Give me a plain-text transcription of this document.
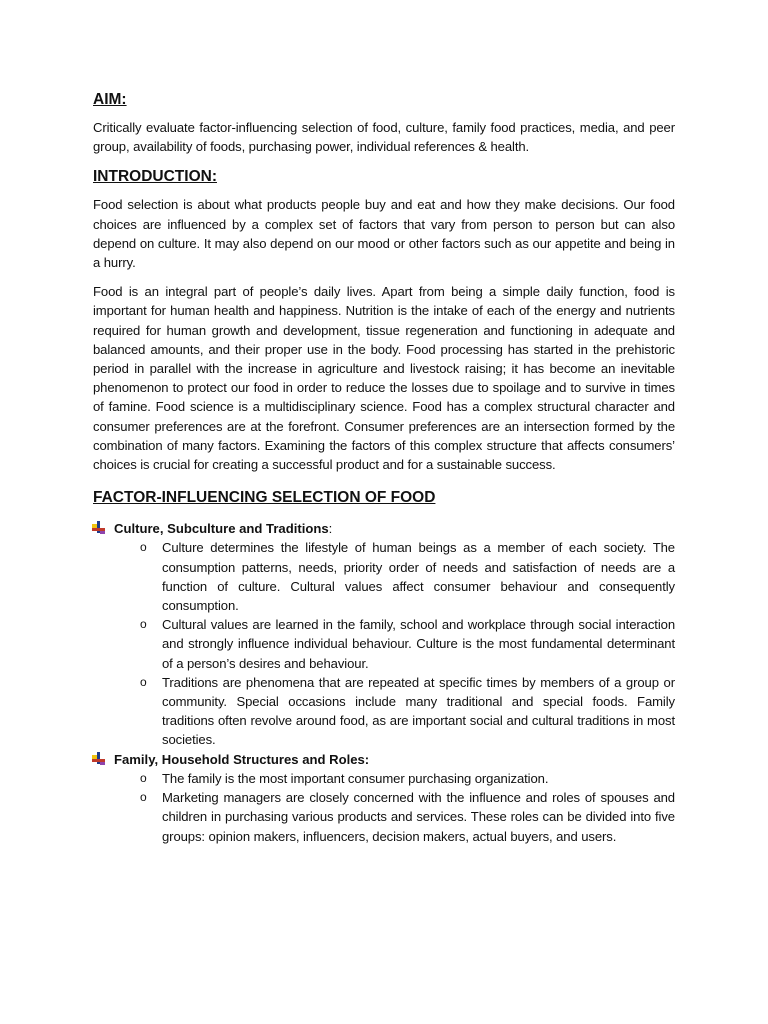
AIM:

Critically evaluate factor-influencing selection of food, culture, family food practices, media, and peer group, availability of foods, purchasing power, individual references & health.

INTRODUCTION:

Food selection is about what products people buy and eat and how they make decisions. Our food choices are influenced by a complex set of factors that vary from person to person but can also depend on culture. It may also depend on our mood or other factors such as our appetite and being in a hurry.

Food is an integral part of people’s daily lives. Apart from being a simple daily function, food is important for human health and happiness. Nutrition is the intake of each of the energy and nutrients required for human growth and development, tissue regeneration and functioning in adequate and balanced amounts, and their proper use in the body. Food processing has started in the prehistoric period in parallel with the increase in agriculture and livestock raising; it has become an inevitable phenomenon to protect our food in order to reduce the losses due to spoilage and to survive in times of famine. Food science is a multidisciplinary science. Food has a complex structural character and consumer preferences are at the forefront. Consumer preferences are an intersection formed by the combination of many factors. Examining the factors of this complex structure that affects consumers’ choices is crucial for creating a successful product and for a sustainable success.

FACTOR-INFLUENCING SELECTION OF FOOD
Culture, Subculture and Traditions:
o Culture determines the lifestyle of human beings as a member of each society. The consumption patterns, needs, priority order of needs and satisfaction of needs are a function of culture. Cultural values affect consumer behaviour and consequently consumption.
o Cultural values are learned in the family, school and workplace through social interaction and strongly influence individual behaviour. Culture is the most fundamental determinant of a person’s desires and behaviour.
o Traditions are phenomena that are repeated at specific times by members of a group or community. Special occasions include many traditional and special foods. Family traditions often revolve around food, as are important social and cultural traditions in most societies.
Family, Household Structures and Roles:
o The family is the most important consumer purchasing organization.
o Marketing managers are closely concerned with the influence and roles of spouses and children in purchasing various products and services. These roles can be divided into five groups: opinion makers, influencers, decision makers, actual buyers, and users.
